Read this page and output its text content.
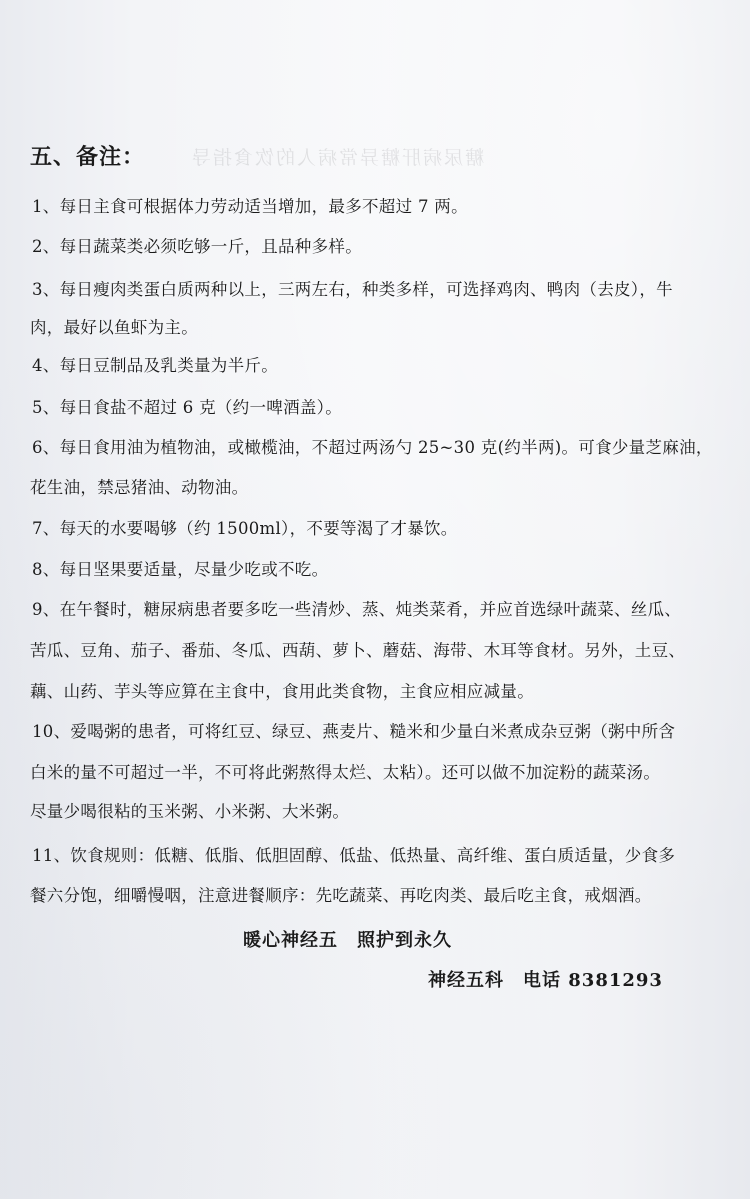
糖尿病肝糖异常病人的饮食指导
五、备注：
1、每日主食可根据体力劳动适当增加，最多不超过 7 两。
2、每日蔬菜类必须吃够一斤，且品种多样。
3、每日瘦肉类蛋白质两种以上，三两左右，种类多样，可选择鸡肉、鸭肉（去皮），牛
肉，最好以鱼虾为主。
4、每日豆制品及乳类量为半斤。
5、每日食盐不超过 6 克（约一啤酒盖）。
6、每日食用油为植物油，或橄榄油，不超过两汤勺 25~30 克(约半两)。可食少量芝麻油，
花生油，禁忌猪油、动物油。
7、每天的水要喝够（约 1500ml），不要等渴了才暴饮。
8、每日坚果要适量，尽量少吃或不吃。
9、在午餐时，糖尿病患者要多吃一些清炒、蒸、炖类菜肴，并应首选绿叶蔬菜、丝瓜、
苦瓜、豆角、茄子、番茄、冬瓜、西葫、萝卜、蘑菇、海带、木耳等食材。另外，土豆、
藕、山药、芋头等应算在主食中，食用此类食物，主食应相应减量。
10、爱喝粥的患者，可将红豆、绿豆、燕麦片、糙米和少量白米煮成杂豆粥（粥中所含
白米的量不可超过一半，不可将此粥熬得太烂、太粘）。还可以做不加淀粉的蔬菜汤。
尽量少喝很粘的玉米粥、小米粥、大米粥。
11、饮食规则：低糖、低脂、低胆固醇、低盐、低热量、高纤维、蛋白质适量，少食多
餐六分饱，细嚼慢咽，注意进餐顺序：先吃蔬菜、再吃肉类、最后吃主食，戒烟酒。
暖心神经五　照护到永久
神经五科　电话 8381293
